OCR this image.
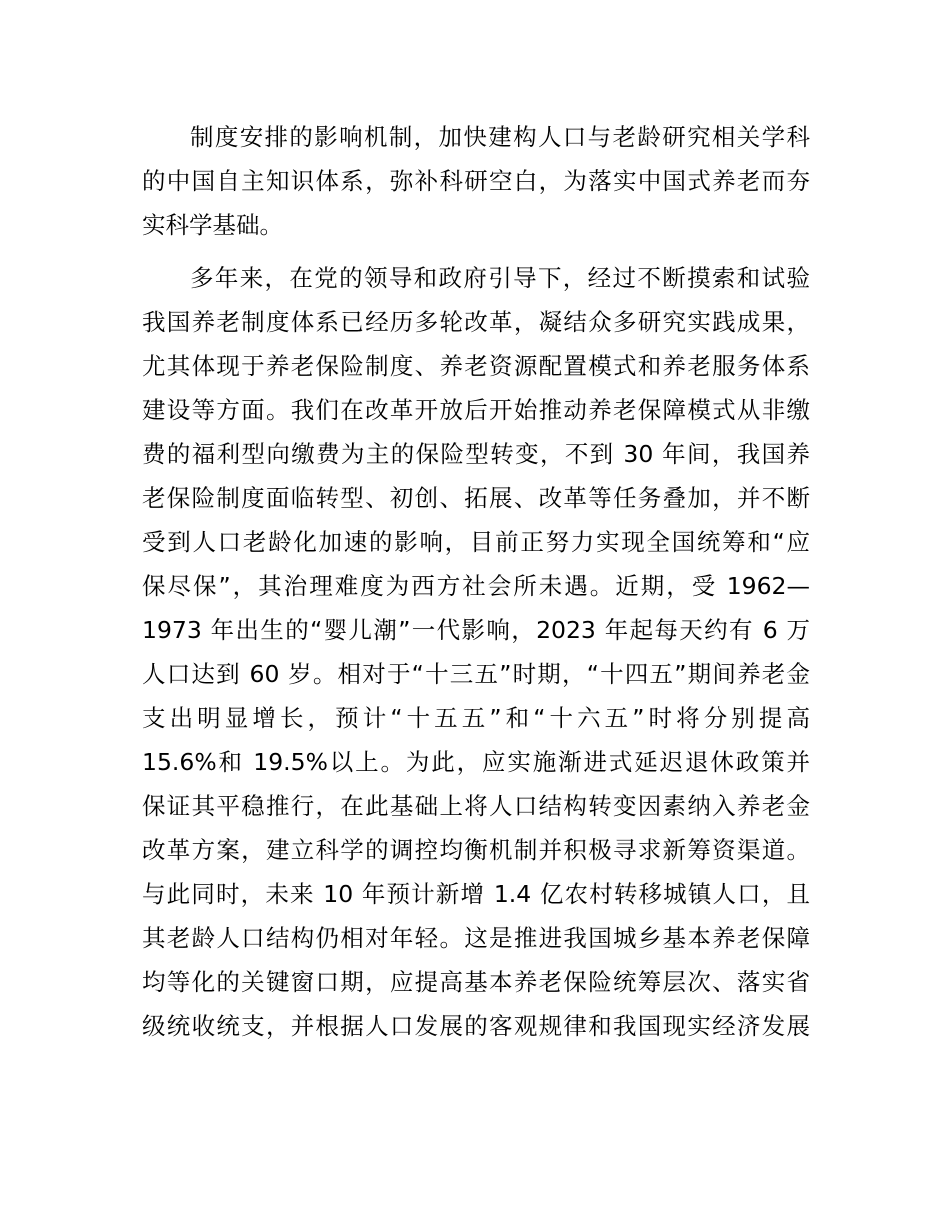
制度安排的影响机制，加快建构人口与老龄研究相关学科
的中国自主知识体系，弥补科研空白，为落实中国式养老而夯
实科学基础。
多年来，在党的领导和政府引导下，经过不断摸索和试验
我国养老制度体系已经历多轮改革，凝结众多研究实践成果，
尤其体现于养老保险制度、养老资源配置模式和养老服务体系
建设等方面。我们在改革开放后开始推动养老保障模式从非缴
费的福利型向缴费为主的保险型转变，不到 30 年间，我国养
老保险制度面临转型、初创、拓展、改革等任务叠加，并不断
受到人口老龄化加速的影响，目前正努力实现全国统筹和“应
保尽保”，其治理难度为西方社会所未遇。近期，受 1962—
1973 年出生的“婴儿潮”一代影响，2023 年起每天约有 6 万
人口达到 60 岁。相对于“十三五”时期，“十四五”期间养老金
支出明显增长，预计“十五五”和“十六五”时将分别提高
15.6%和 19.5%以上。为此，应实施渐进式延迟退休政策并
保证其平稳推行，在此基础上将人口结构转变因素纳入养老金
改革方案，建立科学的调控均衡机制并积极寻求新筹资渠道。
与此同时，未来 10 年预计新增 1.4 亿农村转移城镇人口，且
其老龄人口结构仍相对年轻。这是推进我国城乡基本养老保障
均等化的关键窗口期，应提高基本养老保险统筹层次、落实省
级统收统支，并根据人口发展的客观规律和我国现实经济发展
